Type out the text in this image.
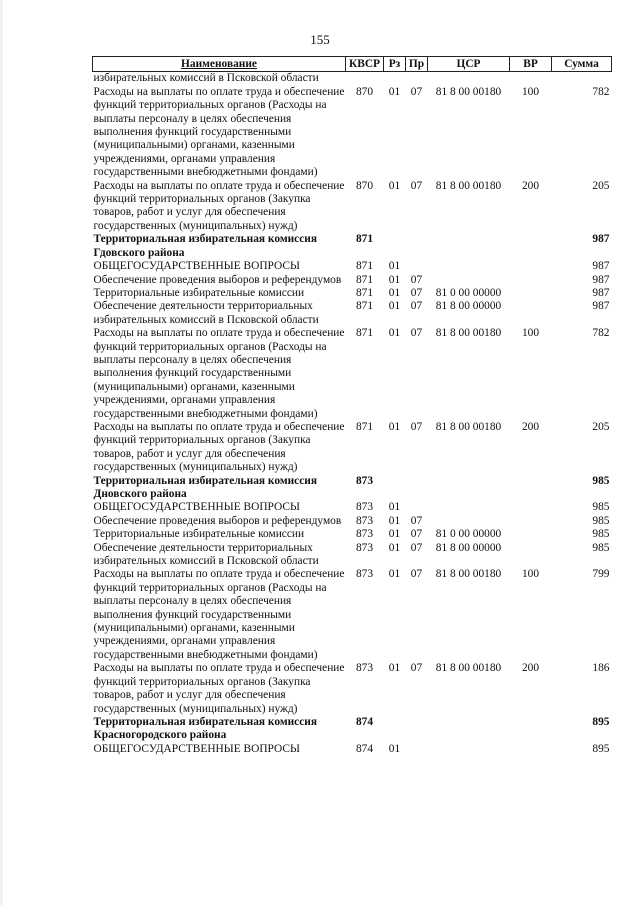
155
Наименование	КВСР	Рз	Пр	ЦСР	ВР	Сумма
избирательных комиссий в Псковской области						
Расходы на выплаты по оплате труда и обеспечение функций территориальных органов (Расходы на выплаты персоналу в целях обеспечения выполнения функций государственными (муниципальными) органами, казенными учреждениями, органами управления государственными внебюджетными фондами)	870	01	07	81 8 00 00180	100	782
Расходы на выплаты по оплате труда и обеспечение функций территориальных органов (Закупка товаров, работ и услуг для обеспечения государственных (муниципальных) нужд)	870	01	07	81 8 00 00180	200	205
Территориальная избирательная комиссия Гдовского района	871					987
ОБЩЕГОСУДАРСТВЕННЫЕ ВОПРОСЫ	871	01				987
Обеспечение проведения выборов и референдумов	871	01	07			987
Территориальные избирательные комиссии	871	01	07	81 0 00 00000		987
Обеспечение деятельности территориальных избирательных комиссий в Псковской области	871	01	07	81 8 00 00000		987
Расходы на выплаты по оплате труда и обеспечение функций территориальных органов (Расходы на выплаты персоналу в целях обеспечения выполнения функций государственными (муниципальными) органами, казенными учреждениями, органами управления государственными внебюджетными фондами)	871	01	07	81 8 00 00180	100	782
Расходы на выплаты по оплате труда и обеспечение функций территориальных органов (Закупка товаров, работ и услуг для обеспечения государственных (муниципальных) нужд)	871	01	07	81 8 00 00180	200	205
Территориальная избирательная комиссия Дновского района	873					985
ОБЩЕГОСУДАРСТВЕННЫЕ ВОПРОСЫ	873	01				985
Обеспечение проведения выборов и референдумов	873	01	07			985
Территориальные избирательные комиссии	873	01	07	81 0 00 00000		985
Обеспечение деятельности территориальных избирательных комиссий в Псковской области	873	01	07	81 8 00 00000		985
Расходы на выплаты по оплате труда и обеспечение функций территориальных органов (Расходы на выплаты персоналу в целях обеспечения выполнения функций государственными (муниципальными) органами, казенными учреждениями, органами управления государственными внебюджетными фондами)	873	01	07	81 8 00 00180	100	799
Расходы на выплаты по оплате труда и обеспечение функций территориальных органов (Закупка товаров, работ и услуг для обеспечения государственных (муниципальных) нужд)	873	01	07	81 8 00 00180	200	186
Территориальная избирательная комиссия Красногородского района	874					895
ОБЩЕГОСУДАРСТВЕННЫЕ ВОПРОСЫ	874	01				895
